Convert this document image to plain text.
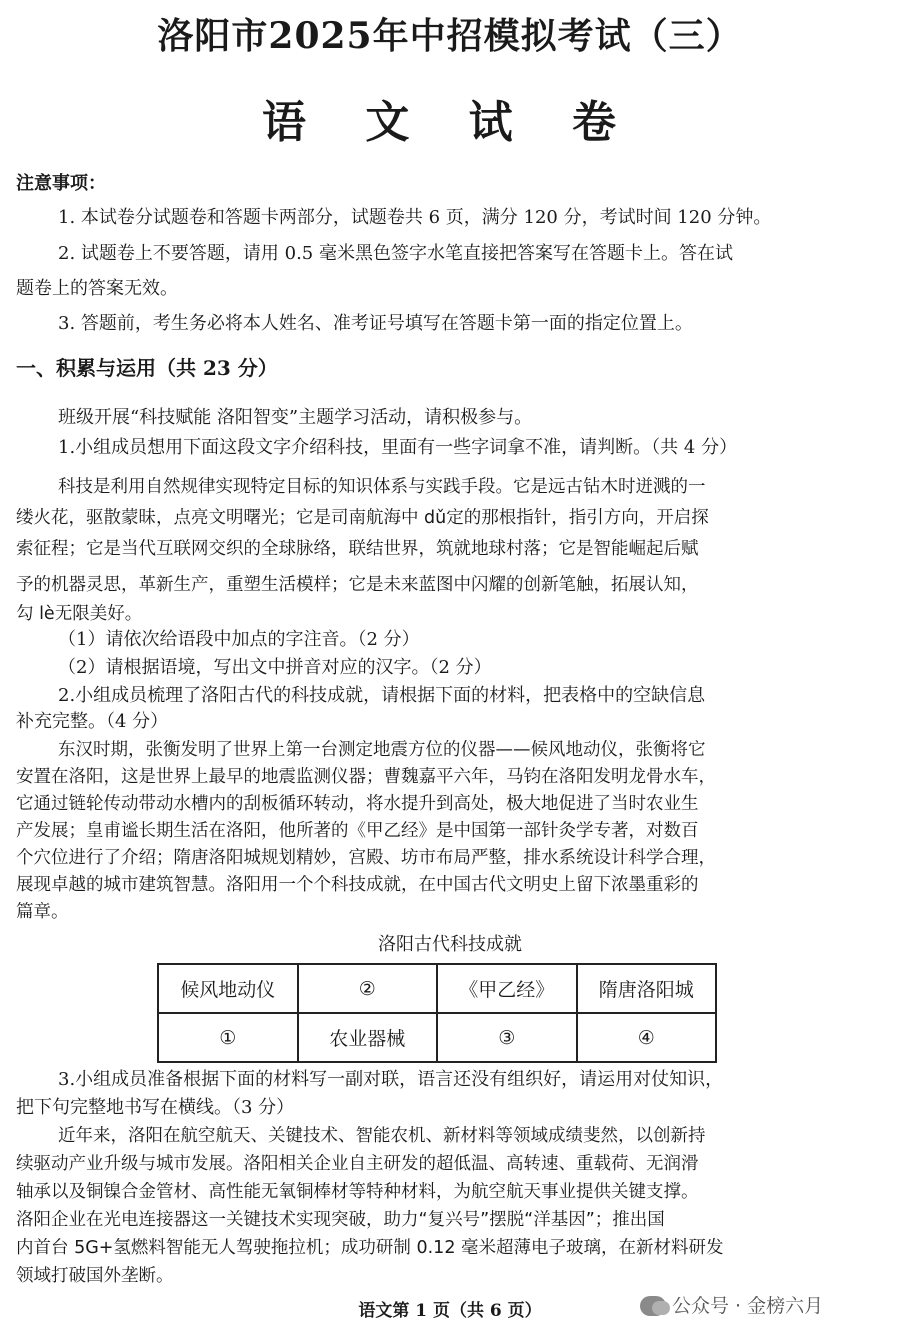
洛阳市2025年中招模拟考试（三）
语 文 试 卷
注意事项：
1. 本试卷分试题卷和答题卡两部分，试题卷共 6 页，满分 120 分，考试时间 120 分钟。
2. 试题卷上不要答题，请用 0.5 毫米黑色签字水笔直接把答案写在答题卡上。答在试
题卷上的答案无效。
3. 答题前，考生务必将本人姓名、准考证号填写在答题卡第一面的指定位置上。
一、积累与运用（共 23 分）
班级开展“科技赋能 洛阳智变”主题学习活动，请积极参与。
1.小组成员想用下面这段文字介绍科技，里面有一些字词拿不准，请判断。（共 4 分）
科技是利用自然规律实现特定目标的知识体系与实践手段。它是远古钻木时迸溅的一
缕火花，驱散蒙昧，点亮文明曙光；它是司南航海中 dǔ定的那根指针，指引方向，开启探
索征程；它是当代互联网交织的全球脉络，联结世界，筑就地球村落；它是智能崛起后赋
予的机器灵思，革新生产，重塑生活模样；它是未来蓝图中闪耀的创新笔触，拓展认知，
勾 lè无限美好。
（1）请依次给语段中加点的字注音。（2 分）
（2）请根据语境，写出文中拼音对应的汉字。（2 分）
2.小组成员梳理了洛阳古代的科技成就，请根据下面的材料，把表格中的空缺信息
补充完整。（4 分）
东汉时期，张衡发明了世界上第一台测定地震方位的仪器——候风地动仪，张衡将它
安置在洛阳，这是世界上最早的地震监测仪器；曹魏嘉平六年，马钧在洛阳发明龙骨水车，
它通过链轮传动带动水槽内的刮板循环转动，将水提升到高处，极大地促进了当时农业生
产发展；皇甫谧长期生活在洛阳，他所著的《甲乙经》是中国第一部针灸学专著，对数百
个穴位进行了介绍；隋唐洛阳城规划精妙，宫殿、坊市布局严整，排水系统设计科学合理，
展现卓越的城市建筑智慧。洛阳用一个个科技成就，在中国古代文明史上留下浓墨重彩的
篇章。
洛阳古代科技成就
候风地动仪	②	《甲乙经》	隋唐洛阳城
①	农业器械	③	④
3.小组成员准备根据下面的材料写一副对联，语言还没有组织好，请运用对仗知识，
把下句完整地书写在横线。（3 分）
近年来，洛阳在航空航天、关键技术、智能农机、新材料等领域成绩斐然，以创新持
续驱动产业升级与城市发展。洛阳相关企业自主研发的超低温、高转速、重载荷、无润滑
轴承以及铜镍合金管材、高性能无氧铜棒材等特种材料，为航空航天事业提供关键支撑。
洛阳企业在光电连接器这一关键技术实现突破，助力“复兴号”摆脱“洋基因”；推出国
内首台 5G+氢燃料智能无人驾驶拖拉机；成功研制 0.12 毫米超薄电子玻璃，在新材料研发
领域打破国外垄断。
语文第 1 页（共 6 页）	公众号 · 金榜六月
